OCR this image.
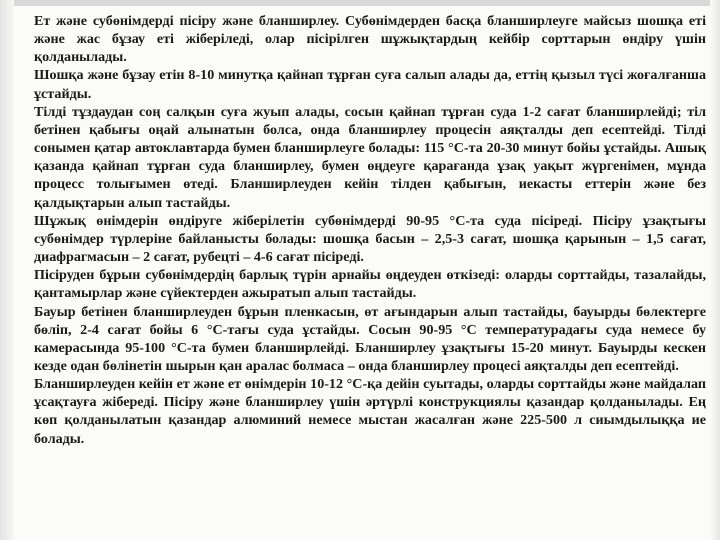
Ет және субөнімдерді пісіру және бланширлеу. Субөнімдерден басқа бланширлеуге майсыз шошқа еті және жас бұзау еті жіберіледі, олар пісірілген шұжықтардың кейбір сорттарын өндіру үшін қолданылады.

Шошқа және бұзау етін 8-10 минутқа қайнап тұрған суға салып алады да, еттің қызыл түсі жоғалғанша ұстайды.

Тілді тұздаудан соң салқын суға жуып алады, сосын қайнап тұрған суда 1-2 сағат бланширлейді; тіл бетінен қабығы оңай алынатын болса, онда бланширлеу процесін аяқталды деп есептейді. Тілді сонымен қатар автоклавтарда бумен бланширлеуге болады: 115 °С-та 20-30 минут бойы ұстайды. Ашық қазанда қайнап тұрған суда бланширлеу, бумен өңдеуге қарағанда ұзақ уақыт жүргенімен, мұнда процесс толығымен өтеді. Бланширлеуден кейін тілден қабығын, иекасты еттерін және без қалдықтарын алып тастайды.

Шұжық өнімдерін өндіруге жіберілетін субөнімдерді 90-95 °С-та суда пісіреді. Пісіру ұзақтығы субөнімдер түрлеріне байланысты болады: шошқа басын – 2,5-3 сағат, шошқа қарынын – 1,5 сағат, диафрагмасын – 2 сағат, рубецті – 4-6 сағат пісіреді.

Пісіруден бұрын субөнімдердің барлық түрін арнайы өңдеуден өткізеді: оларды сорттайды, тазалайды, қантамырлар және сүйектерден ажыратып алып тастайды.

Бауыр бетінен бланширлеуден бұрын пленкасын, өт ағындарын алып тастайды, бауырды бөлектерге бөліп, 2-4 сағат бойы 6 °С-тағы суда ұстайды. Сосын 90-95 °С температурадағы суда немесе бу камерасында 95-100 °С-та бумен бланширлейді. Бланширлеу ұзақтығы 15-20 минут. Бауырды кескен кезде одан бөлінетін шырын қан аралас болмаса – онда бланширлеу процесі аяқталды деп есептейді.

Бланширлеуден кейін ет және ет өнімдерін 10-12 °С-қа дейін суытады, оларды сорттайды және майдалап ұсақтауға жібереді. Пісіру және бланширлеу үшін әртүрлі конструкциялы қазандар қолданылады. Ең көп қолданылатын қазандар алюминий немесе мыстан жасалған және 225-500 л сиымдылыққа ие болады.
